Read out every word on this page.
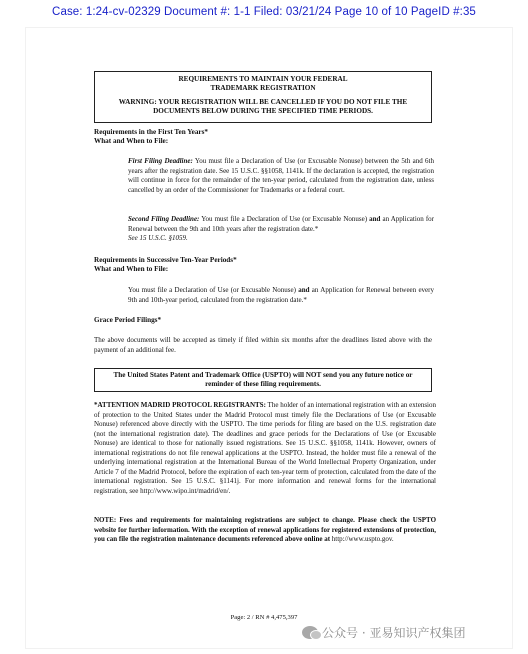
Case: 1:24-cv-02329 Document #: 1-1 Filed: 03/21/24 Page 10 of 10 PageID #:35
REQUIREMENTS TO MAINTAIN YOUR FEDERAL
TRADEMARK REGISTRATION
WARNING: YOUR REGISTRATION WILL BE CANCELLED IF YOU DO NOT FILE THE
DOCUMENTS BELOW DURING THE SPECIFIED TIME PERIODS.
Requirements in the First Ten Years*
What and When to File:
First Filing Deadline: You must file a Declaration of Use (or Excusable Nonuse) between the 5th and 6th years after the registration date. See 15 U.S.C. §§1058, 1141k. If the declaration is accepted, the registration will continue in force for the remainder of the ten-year period, calculated from the registration date, unless cancelled by an order of the Commissioner for Trademarks or a federal court.
Second Filing Deadline: You must file a Declaration of Use (or Excusable Nonuse) and an Application for Renewal between the 9th and 10th years after the registration date.*
See 15 U.S.C. §1059.
Requirements in Successive Ten-Year Periods*
What and When to File:
You must file a Declaration of Use (or Excusable Nonuse) and an Application for Renewal between every 9th and 10th-year period, calculated from the registration date.*
Grace Period Filings*
The above documents will be accepted as timely if filed within six months after the deadlines listed above with the payment of an additional fee.
The United States Patent and Trademark Office (USPTO) will NOT send you any future notice or
reminder of these filing requirements.
*ATTENTION MADRID PROTOCOL REGISTRANTS: The holder of an international registration with an extension of protection to the United States under the Madrid Protocol must timely file the Declarations of Use (or Excusable Nonuse) referenced above directly with the USPTO. The time periods for filing are based on the U.S. registration date (not the international registration date). The deadlines and grace periods for the Declarations of Use (or Excusable Nonuse) are identical to those for nationally issued registrations. See 15 U.S.C. §§1058, 1141k. However, owners of international registrations do not file renewal applications at the USPTO. Instead, the holder must file a renewal of the underlying international registration at the International Bureau of the World Intellectual Property Organization, under Article 7 of the Madrid Protocol, before the expiration of each ten-year term of protection, calculated from the date of the international registration. See 15 U.S.C. §1141j. For more information and renewal forms for the international registration, see http://www.wipo.int/madrid/en/.
NOTE: Fees and requirements for maintaining registrations are subject to change. Please check the USPTO website for further information. With the exception of renewal applications for registered extensions of protection, you can file the registration maintenance documents referenced above online at http://www.uspto.gov.
Page: 2 / RN # 4,475,397
公众号 · 亚易知识产权集团
